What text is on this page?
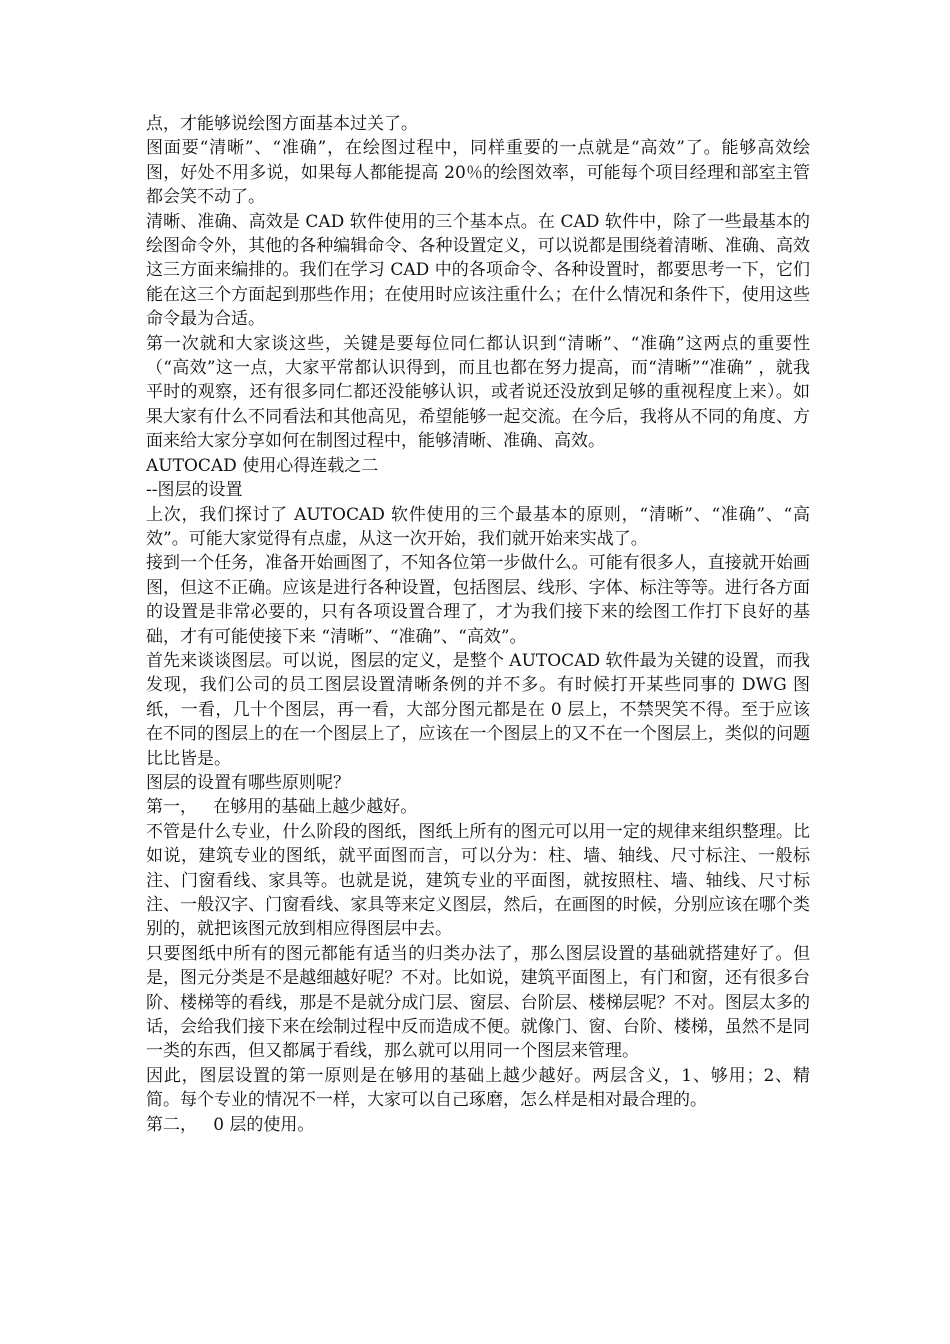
点，才能够说绘图方面基本过关了。

图面要“清晰”、“准确”，在绘图过程中，同样重要的一点就是“高效”了。能够高效绘图，好处不用多说，如果每人都能提高 20％的绘图效率，可能每个项目经理和部室主管都会笑不动了。

清晰、准确、高效是 CAD 软件使用的三个基本点。在 CAD 软件中，除了一些最基本的绘图命令外，其他的各种编辑命令、各种设置定义，可以说都是围绕着清晰、准确、高效这三方面来编排的。我们在学习 CAD 中的各项命令、各种设置时，都要思考一下，它们能在这三个方面起到那些作用；在使用时应该注重什么；在什么情况和条件下，使用这些命令最为合适。

第一次就和大家谈这些，关键是要每位同仁都认识到“清晰”、“准确”这两点的重要性（“高效”这一点，大家平常都认识得到，而且也都在努力提高，而“清晰”“准确” ，就我平时的观察，还有很多同仁都还没能够认识，或者说还没放到足够的重视程度上来）。如果大家有什么不同看法和其他高见，希望能够一起交流。在今后，我将从不同的角度、方面来给大家分享如何在制图过程中，能够清晰、准确、高效。

AUTOCAD 使用心得连载之二

--图层的设置

上次，我们探讨了 AUTOCAD 软件使用的三个最基本的原则，“清晰”、“准确”、“高效”。可能大家觉得有点虚，从这一次开始，我们就开始来实战了。

接到一个任务，准备开始画图了，不知各位第一步做什么。可能有很多人，直接就开始画图，但这不正确。应该是进行各种设置，包括图层、线形、字体、标注等等。进行各方面的设置是非常必要的，只有各项设置合理了，才为我们接下来的绘图工作打下良好的基础，才有可能使接下来 “清晰”、“准确”、“高效”。

首先来谈谈图层。可以说，图层的定义，是整个 AUTOCAD 软件最为关键的设置，而我发现，我们公司的员工图层设置清晰条例的并不多。有时候打开某些同事的 DWG 图纸，一看，几十个图层，再一看，大部分图元都是在 0 层上，不禁哭笑不得。至于应该在不同的图层上的在一个图层上了，应该在一个图层上的又不在一个图层上，类似的问题比比皆是。

图层的设置有哪些原则呢？

第一，   在够用的基础上越少越好。

不管是什么专业，什么阶段的图纸，图纸上所有的图元可以用一定的规律来组织整理。比如说，建筑专业的图纸，就平面图而言，可以分为：柱、墙、轴线、尺寸标注、一般标注、门窗看线、家具等。也就是说，建筑专业的平面图，就按照柱、墙、轴线、尺寸标注、一般汉字、门窗看线、家具等来定义图层，然后，在画图的时候，分别应该在哪个类别的，就把该图元放到相应得图层中去。

只要图纸中所有的图元都能有适当的归类办法了，那么图层设置的基础就搭建好了。但是，图元分类是不是越细越好呢？不对。比如说，建筑平面图上，有门和窗，还有很多台阶、楼梯等的看线，那是不是就分成门层、窗层、台阶层、楼梯层呢？不对。图层太多的话，会给我们接下来在绘制过程中反而造成不便。就像门、窗、台阶、楼梯，虽然不是同一类的东西，但又都属于看线，那么就可以用同一个图层来管理。

因此，图层设置的第一原则是在够用的基础上越少越好。两层含义，1、够用；2、精简。每个专业的情况不一样，大家可以自己琢磨，怎么样是相对最合理的。

第二，   0 层的使用。
